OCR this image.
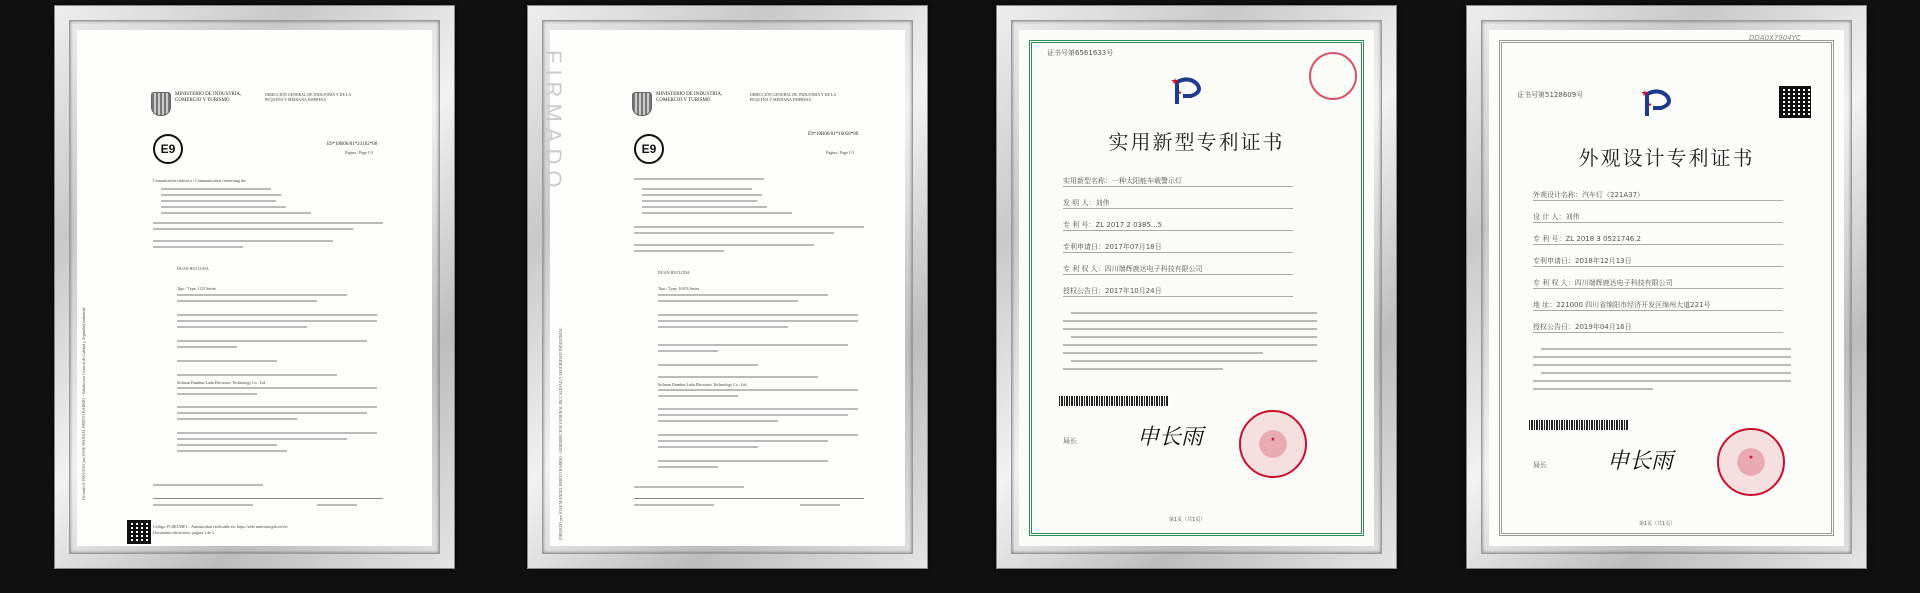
Firmado el 18/01/2022 por JOSE MANUEL PRIETO BARRIO - Subdirector General de Calidad y Seguridad Industrial
MINISTERIO DE INDUSTRIA, COMERCIO Y TURISMO
DIRECCIÓN GENERAL DE INDUSTRIA Y DE LA PEQUEÑA Y MEDIANA EMPRESA
E9	E9*10R06/01*23102*00
Página / Page 1/3
Comunicación relativa a / Communication concerning the
DUAN HUI LUDA
Tipo / Type: 1115 Series
Sichuan Duanhui Luda Electronic Technology Co., Ltd.
Código: FC6E5A9F1... Autenticidad verificable en: https://sede.mincotur.gob.es/csv
Documento electrónico, página 1 de 3
FIRMADO
FIRMADO por JOSE MANUEL PRIETO BARRIO - SUBDIRECTOR GENERAL DE CALIDAD Y SEGURIDAD INDUSTRIAL
MINISTERIO DE INDUSTRIA, COMERCIO Y TURISMO
DIRECCIÓN GENERAL DE INDUSTRIA Y DE LA PEQUEÑA Y MEDIANA EMPRESA
E9
E9*10R06/01*16058*00
Página / Page 1/3
DUAN HUI LUDA
Tipo / Type: 16103 Series
Sichuan Duanhui Luda Electronic Technology Co., Ltd.
证书号第6561633号
实用新型专利证书
实用新型名称：一种太阳能车载警示灯
发 明 人：刘伟
专 利 号：ZL 2017 2 0385...5
专利申请日：2017年07月18日
专 利 权 人：四川端辉鹿达电子科技有限公司
授权公告日：2017年10月24日
局长	申长雨	★
第1页（共1页）
DDA0X7904YC
证书号第5128609号
外观设计专利证书
外观设计名称：汽车灯（221A37）
设 计 人：刘伟
专 利 号：ZL 2018 3 0521746.2
专利申请日：2018年12月13日
专 利 权 人：四川端辉鹿达电子科技有限公司
地 址：221000 四川省绵阳市经济开发区绵州大道221号
授权公告日：2019年04月16日
局长	申长雨	★
第1页（共1页）
